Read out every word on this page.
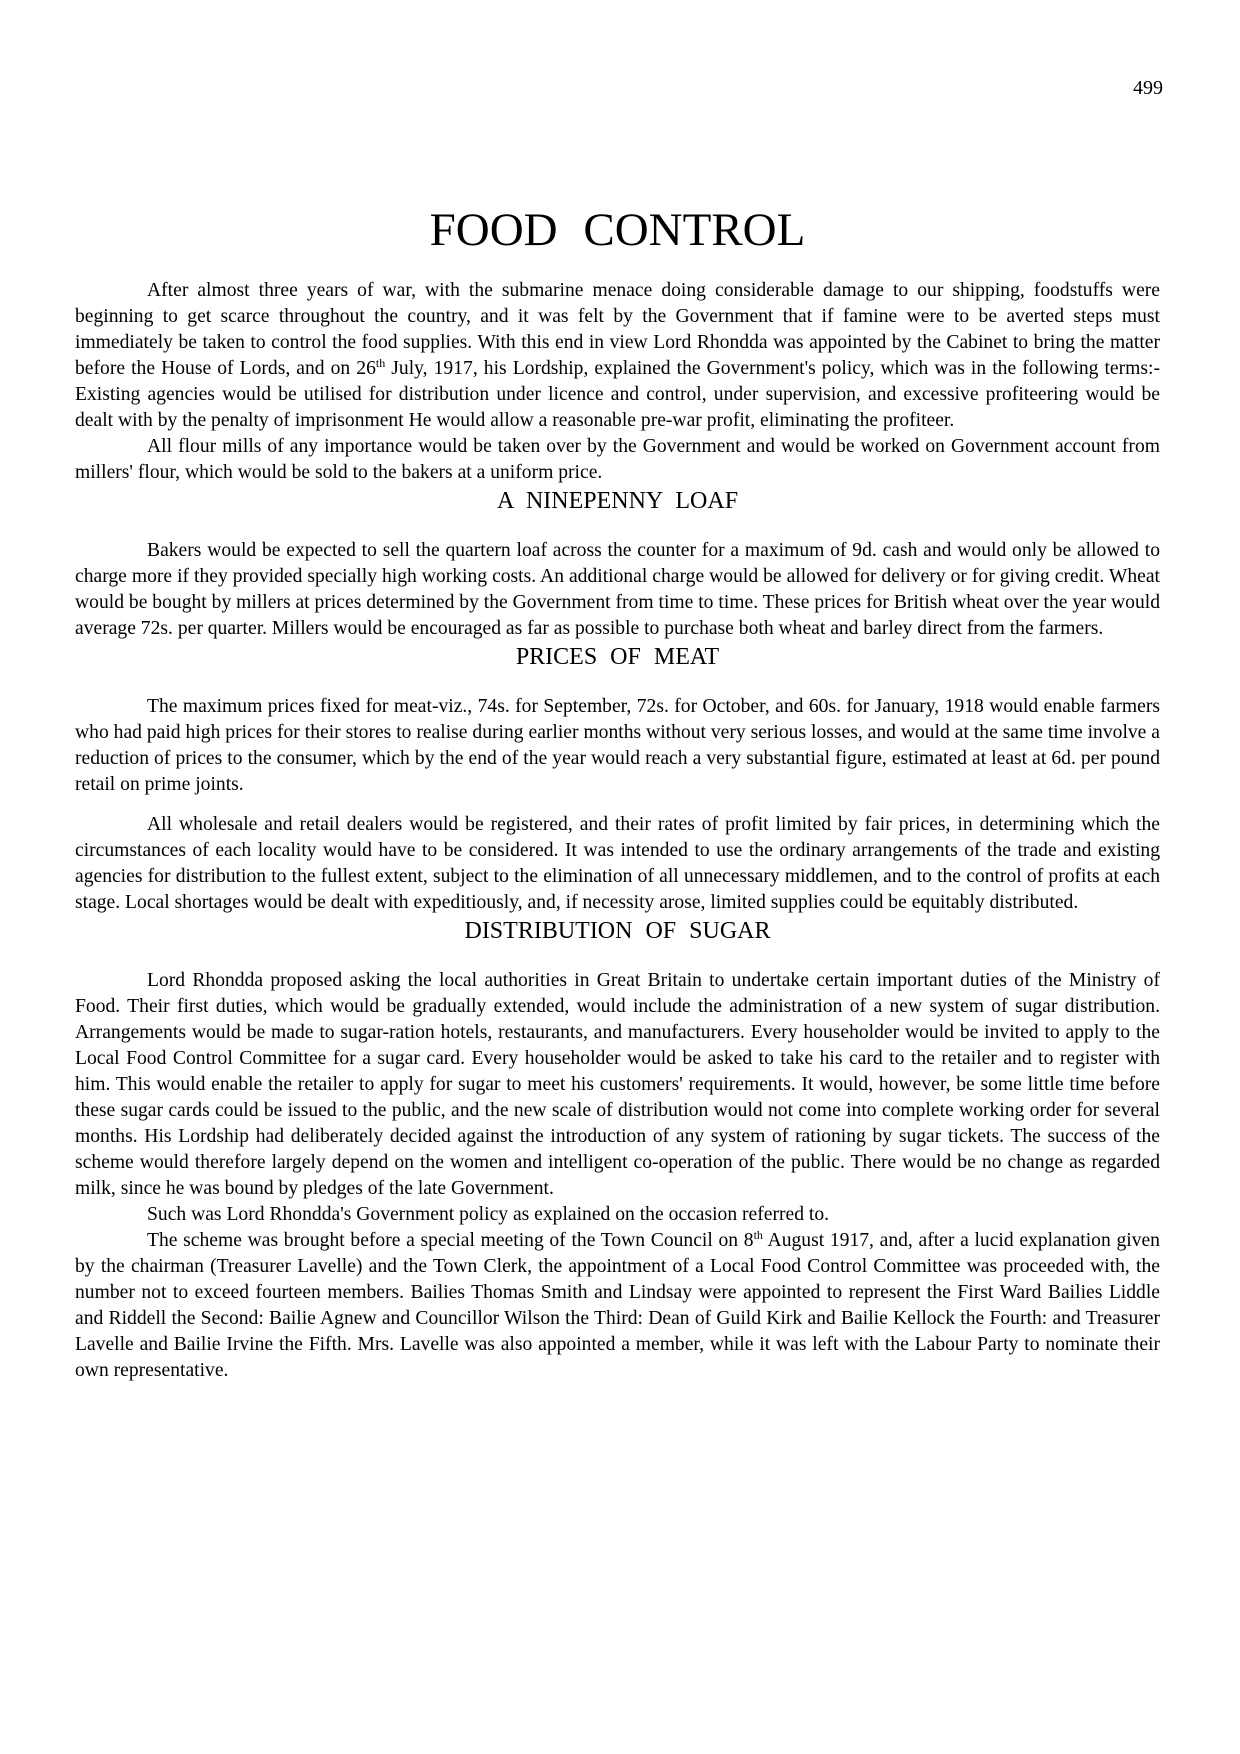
499
FOOD CONTROL

After almost three years of war, with the submarine menace doing considerable damage to our shipping, foodstuffs were beginning to get scarce throughout the country, and it was felt by the Government that if famine were to be averted steps must immediately be taken to control the food supplies. With this end in view Lord Rhondda was appointed by the Cabinet to bring the matter before the House of Lords, and on 26th July, 1917, his Lordship, explained the Government's policy, which was in the following terms:- Existing agencies would be utilised for distribution under licence and control, under supervision, and excessive profiteering would be dealt with by the penalty of imprisonment He would allow a reasonable pre-war profit, eliminating the profiteer.

All flour mills of any importance would be taken over by the Government and would be worked on Government account from millers' flour, which would be sold to the bakers at a uniform price.

A NINEPENNY LOAF

Bakers would be expected to sell the quartern loaf across the counter for a maximum of 9d. cash and would only be allowed to charge more if they provided specially high working costs. An additional charge would be allowed for delivery or for giving credit. Wheat would be bought by millers at prices determined by the Government from time to time. These prices for British wheat over the year would average 72s. per quarter. Millers would be encouraged as far as possible to purchase both wheat and barley direct from the farmers.

PRICES OF MEAT

The maximum prices fixed for meat-viz., 74s. for September, 72s. for October, and 60s. for January, 1918 would enable farmers who had paid high prices for their stores to realise during earlier months without very serious losses, and would at the same time involve a reduction of prices to the consumer, which by the end of the year would reach a very substantial figure, estimated at least at 6d. per pound retail on prime joints.

All wholesale and retail dealers would be registered, and their rates of profit limited by fair prices, in determining which the circumstances of each locality would have to be considered. It was intended to use the ordinary arrangements of the trade and existing agencies for distribution to the fullest extent, subject to the elimination of all unnecessary middlemen, and to the control of profits at each stage. Local shortages would be dealt with expeditiously, and, if necessity arose, limited supplies could be equitably distributed.

DISTRIBUTION OF SUGAR

Lord Rhondda proposed asking the local authorities in Great Britain to undertake certain important duties of the Ministry of Food. Their first duties, which would be gradually extended, would include the administration of a new system of sugar distribution. Arrangements would be made to sugar-ration hotels, restaurants, and manufacturers. Every householder would be invited to apply to the Local Food Control Committee for a sugar card. Every householder would be asked to take his card to the retailer and to register with him. This would enable the retailer to apply for sugar to meet his customers' requirements. It would, however, be some little time before these sugar cards could be issued to the public, and the new scale of distribution would not come into complete working order for several months. His Lordship had deliberately decided against the introduction of any system of rationing by sugar tickets. The success of the scheme would therefore largely depend on the women and intelligent co-operation of the public. There would be no change as regarded milk, since he was bound by pledges of the late Government.

Such was Lord Rhondda's Government policy as explained on the occasion referred to.

The scheme was brought before a special meeting of the Town Council on 8th August 1917, and, after a lucid explanation given by the chairman (Treasurer Lavelle) and the Town Clerk, the appointment of a Local Food Control Committee was proceeded with, the number not to exceed fourteen members. Bailies Thomas Smith and Lindsay were appointed to represent the First Ward Bailies Liddle and Riddell the Second: Bailie Agnew and Councillor Wilson the Third: Dean of Guild Kirk and Bailie Kellock the Fourth: and Treasurer Lavelle and Bailie Irvine the Fifth. Mrs. Lavelle was also appointed a member, while it was left with the Labour Party to nominate their own representative.
